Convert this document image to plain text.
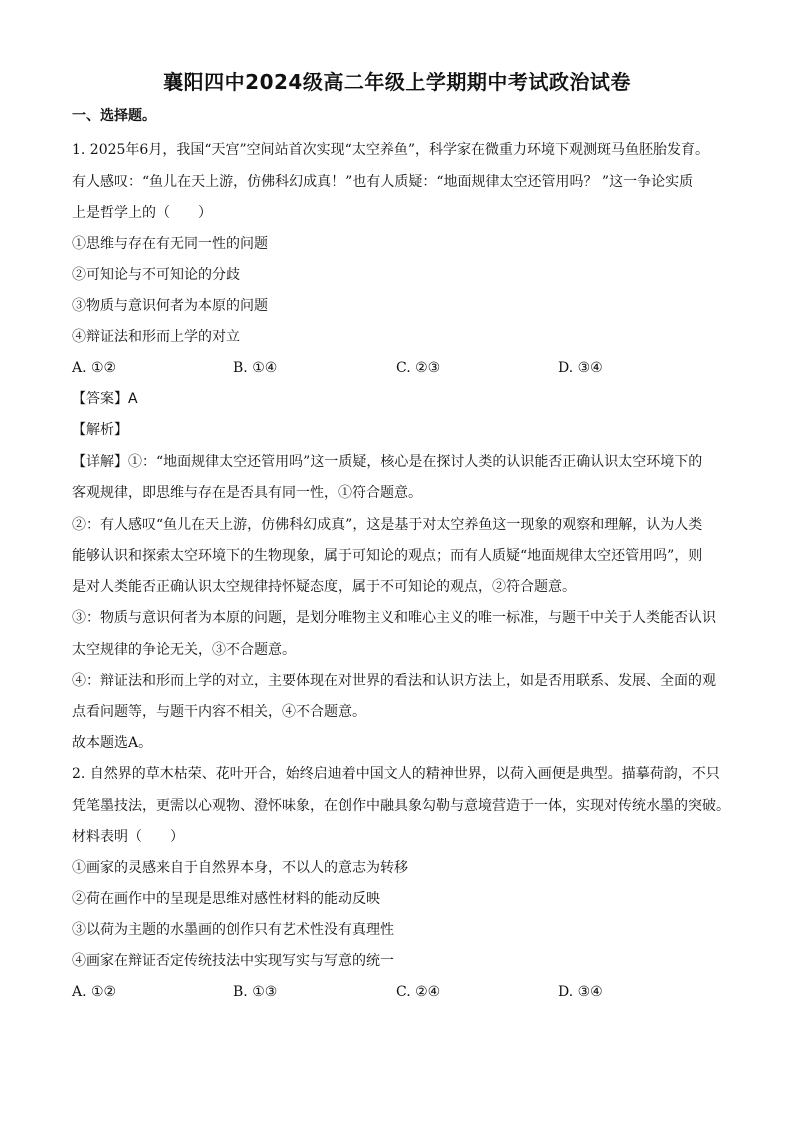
襄阳四中2024级高二年级上学期期中考试政治试卷
一、选择题。
1. 2025年6月，我国“天宫”空间站首次实现“太空养鱼”，科学家在微重力环境下观测斑马鱼胚胎发育。
有人感叹：“鱼儿在天上游，仿佛科幻成真！”也有人质疑：“地面规律太空还管用吗？ ”这一争论实质
上是哲学上的（　　）
①思维与存在有无同一性的问题
②可知论与不可知论的分歧
③物质与意识何者为本原的问题
④辩证法和形而上学的对立
A. ①②	B. ①④	C. ②③	D. ③④
【答案】A
【解析】
【详解】①：“地面规律太空还管用吗”这一质疑，核心是在探讨人类的认识能否正确认识太空环境下的
客观规律，即思维与存在是否具有同一性，①符合题意。
②：有人感叹“鱼儿在天上游，仿佛科幻成真”，这是基于对太空养鱼这一现象的观察和理解，认为人类
能够认识和探索太空环境下的生物现象，属于可知论的观点；而有人质疑“地面规律太空还管用吗”，则
是对人类能否正确认识太空规律持怀疑态度，属于不可知论的观点，②符合题意。
③：物质与意识何者为本原的问题，是划分唯物主义和唯心主义的唯一标准，与题干中关于人类能否认识
太空规律的争论无关，③不合题意。
④：辩证法和形而上学的对立，主要体现在对世界的看法和认识方法上，如是否用联系、发展、全面的观
点看问题等，与题干内容不相关，④不合题意。
故本题选A。
2. 自然界的草木枯荣、花叶开合，始终启迪着中国文人的精神世界，以荷入画便是典型。描摹荷韵，不只
凭笔墨技法，更需以心观物、澄怀味象，在创作中融具象勾勒与意境营造于一体，实现对传统水墨的突破。
材料表明（　　）
①画家的灵感来自于自然界本身，不以人的意志为转移
②荷在画作中的呈现是思维对感性材料的能动反映
③以荷为主题的水墨画的创作只有艺术性没有真理性
④画家在辩证否定传统技法中实现写实与写意的统一
A. ①②	B. ①③	C. ②④	D. ③④
